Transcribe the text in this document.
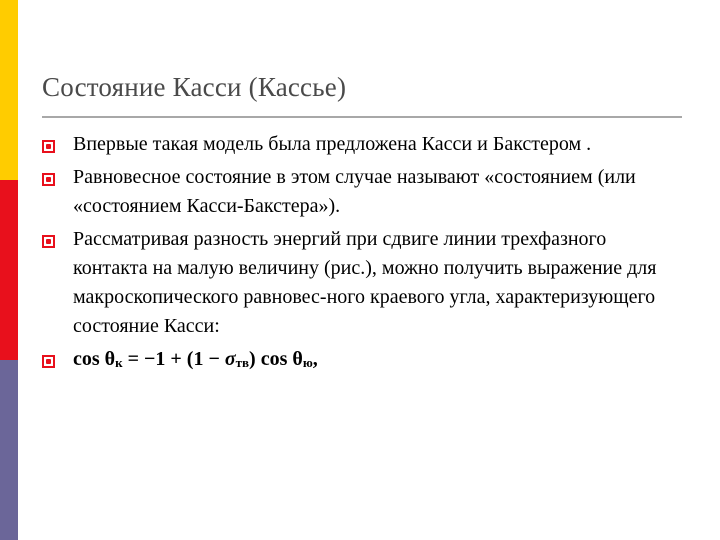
Состояние Касси (Кассье)
Впервые такая модель была предложена Касси и Бакстером .
Равновесное состояние в этом случае называют «состоянием (или «состоянием Касси-Бакстера»).
Рассматривая разность энергий при сдвиге линии трехфазного контакта на малую величину (рис.), можно получить выражение для макроскопического равновес-ного краевого угла, характеризующего состояние Касси:
$\cos \theta_к = -1 + (1 - \sigma_{тв})$ $\cos \theta_ю$,
